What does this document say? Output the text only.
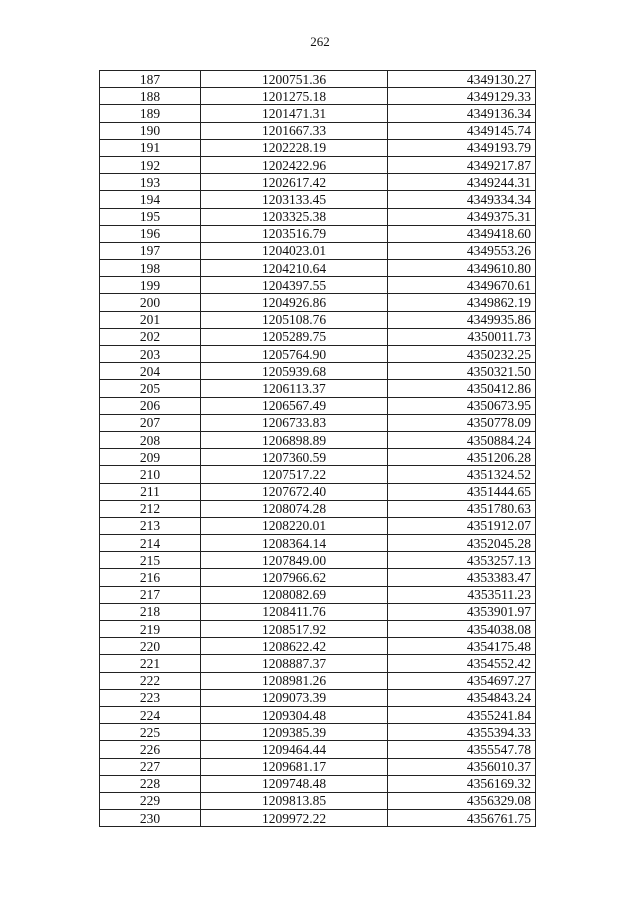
262
187	1200751.36	4349130.27
188	1201275.18	4349129.33
189	1201471.31	4349136.34
190	1201667.33	4349145.74
191	1202228.19	4349193.79
192	1202422.96	4349217.87
193	1202617.42	4349244.31
194	1203133.45	4349334.34
195	1203325.38	4349375.31
196	1203516.79	4349418.60
197	1204023.01	4349553.26
198	1204210.64	4349610.80
199	1204397.55	4349670.61
200	1204926.86	4349862.19
201	1205108.76	4349935.86
202	1205289.75	4350011.73
203	1205764.90	4350232.25
204	1205939.68	4350321.50
205	1206113.37	4350412.86
206	1206567.49	4350673.95
207	1206733.83	4350778.09
208	1206898.89	4350884.24
209	1207360.59	4351206.28
210	1207517.22	4351324.52
211	1207672.40	4351444.65
212	1208074.28	4351780.63
213	1208220.01	4351912.07
214	1208364.14	4352045.28
215	1207849.00	4353257.13
216	1207966.62	4353383.47
217	1208082.69	4353511.23
218	1208411.76	4353901.97
219	1208517.92	4354038.08
220	1208622.42	4354175.48
221	1208887.37	4354552.42
222	1208981.26	4354697.27
223	1209073.39	4354843.24
224	1209304.48	4355241.84
225	1209385.39	4355394.33
226	1209464.44	4355547.78
227	1209681.17	4356010.37
228	1209748.48	4356169.32
229	1209813.85	4356329.08
230	1209972.22	4356761.75
